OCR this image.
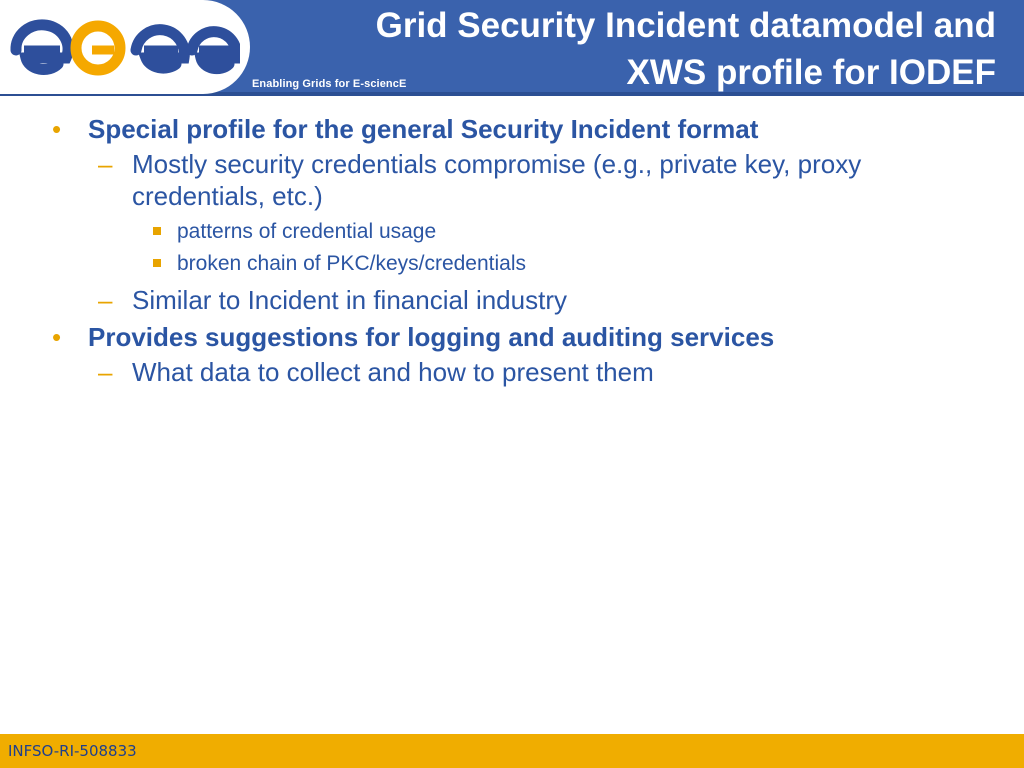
Enabling Grids for E-sciencE
Grid Security Incident datamodel and
XWS profile for IODEF
• Special profile for the general Security Incident format
– Mostly security credentials compromise (e.g., private key, proxy credentials, etc.)
patterns of credential usage
broken chain of PKC/keys/credentials
– Similar to Incident in financial industry
• Provides suggestions for logging and auditing services
– What data to collect and how to present them
INFSO-RI-508833
